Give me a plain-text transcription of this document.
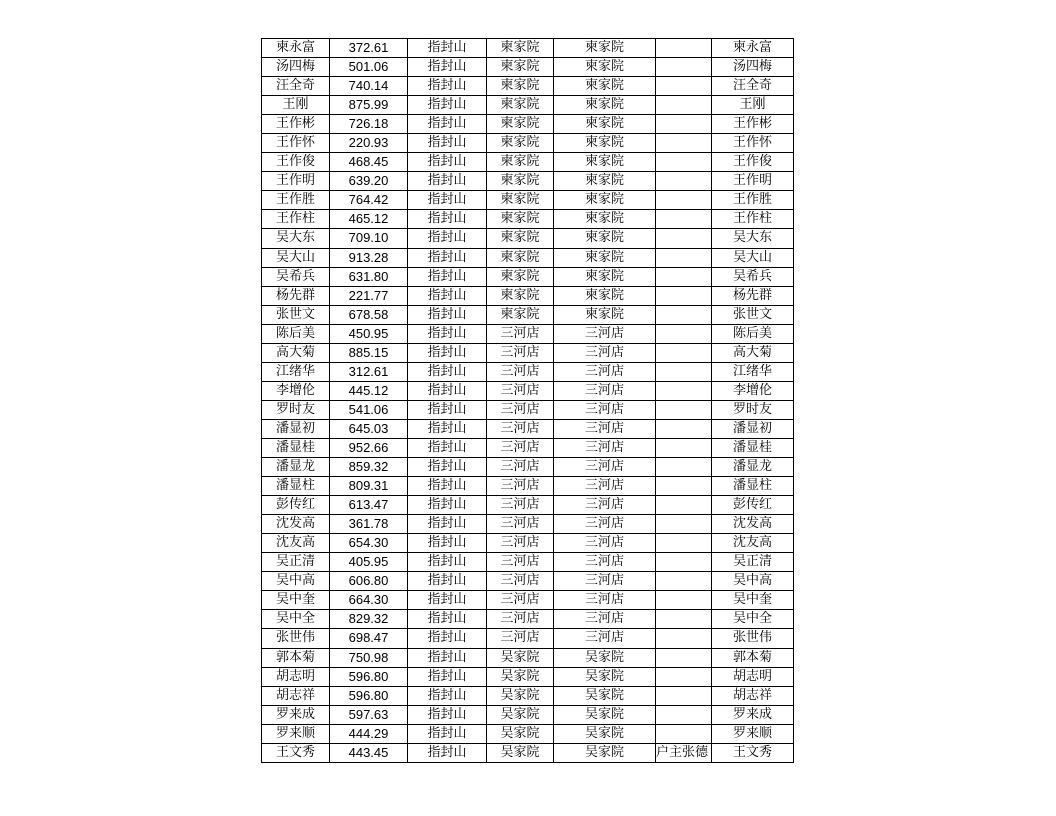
柬永富	372.61	指封山	柬家院	柬家院		柬永富
汤四梅	501.06	指封山	柬家院	柬家院		汤四梅
汪全奇	740.14	指封山	柬家院	柬家院		汪全奇
王刚	875.99	指封山	柬家院	柬家院		王刚
王作彬	726.18	指封山	柬家院	柬家院		王作彬
王作怀	220.93	指封山	柬家院	柬家院		王作怀
王作俊	468.45	指封山	柬家院	柬家院		王作俊
王作明	639.20	指封山	柬家院	柬家院		王作明
王作胜	764.42	指封山	柬家院	柬家院		王作胜
王作柱	465.12	指封山	柬家院	柬家院		王作柱
吴大东	709.10	指封山	柬家院	柬家院		吴大东
吴大山	913.28	指封山	柬家院	柬家院		吴大山
吴希兵	631.80	指封山	柬家院	柬家院		吴希兵
杨先群	221.77	指封山	柬家院	柬家院		杨先群
张世文	678.58	指封山	柬家院	柬家院		张世文
陈后美	450.95	指封山	三河店	三河店		陈后美
高大菊	885.15	指封山	三河店	三河店		高大菊
江绪华	312.61	指封山	三河店	三河店		江绪华
李增伦	445.12	指封山	三河店	三河店		李增伦
罗时友	541.06	指封山	三河店	三河店		罗时友
潘显初	645.03	指封山	三河店	三河店		潘显初
潘显桂	952.66	指封山	三河店	三河店		潘显桂
潘显龙	859.32	指封山	三河店	三河店		潘显龙
潘显柱	809.31	指封山	三河店	三河店		潘显柱
彭传红	613.47	指封山	三河店	三河店		彭传红
沈发高	361.78	指封山	三河店	三河店		沈发高
沈友高	654.30	指封山	三河店	三河店		沈友高
吴正清	405.95	指封山	三河店	三河店		吴正清
吴中高	606.80	指封山	三河店	三河店		吴中高
吴中奎	664.30	指封山	三河店	三河店		吴中奎
吴中全	829.32	指封山	三河店	三河店		吴中全
张世伟	698.47	指封山	三河店	三河店		张世伟
郭本菊	750.98	指封山	吴家院	吴家院		郭本菊
胡志明	596.80	指封山	吴家院	吴家院		胡志明
胡志祥	596.80	指封山	吴家院	吴家院		胡志祥
罗来成	597.63	指封山	吴家院	吴家院		罗来成
罗来顺	444.29	指封山	吴家院	吴家院		罗来顺
王文秀	443.45	指封山	吴家院	吴家院	户主张德	王文秀
